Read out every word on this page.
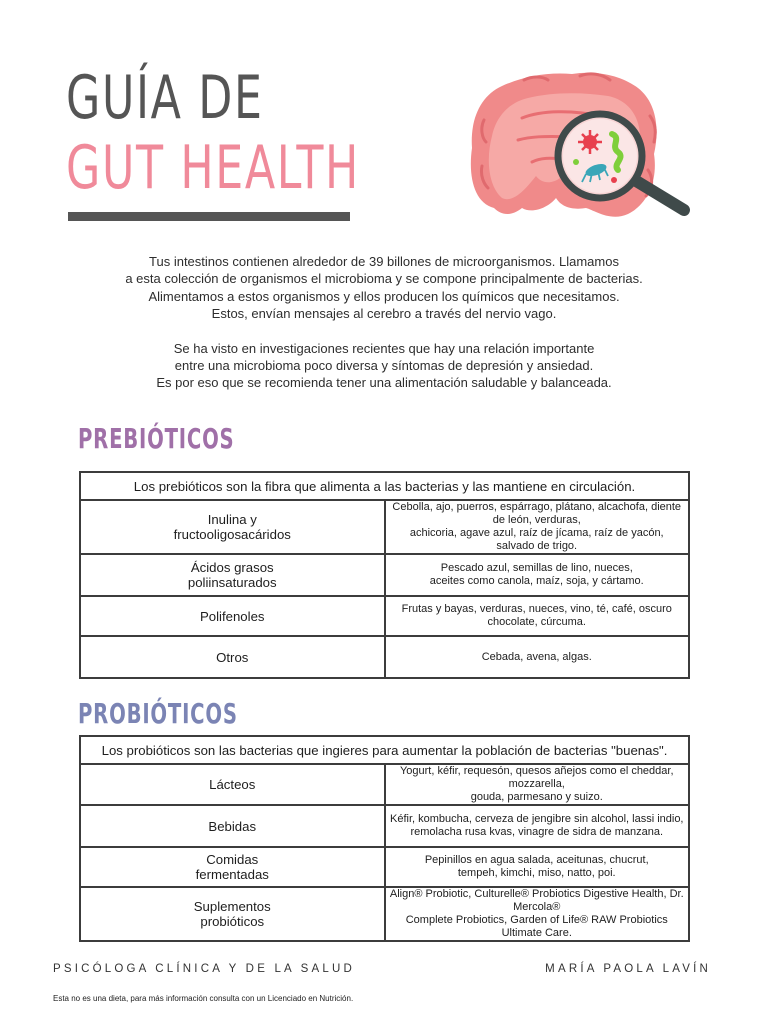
GUÍA DE
GUT HEALTH

Tus intestinos contienen alrededor de 39 billones de microorganismos. Llamamos
a esta colección de organismos el microbioma y se compone principalmente de bacterias.
Alimentamos a estos organismos y ellos producen los químicos que necesitamos.
Estos, envían mensajes al cerebro a través del nervio vago.

Se ha visto en investigaciones recientes que hay una relación importante
entre una microbioma poco diversa y síntomas de depresión y ansiedad.
Es por eso que se recomienda tener una alimentación saludable y balanceada.

PREBIÓTICOS
Los prebióticos son la fibra que alimenta a las bacterias y las mantiene en circulación.	
Inulina y
fructooligosacáridos	Cebolla, ajo, puerros, espárrago, plátano, alcachofa, diente de león, verduras,
achicoria, agave azul, raíz de jícama, raíz de yacón, salvado de trigo.
Ácidos grasos
poliinsaturados	Pescado azul, semillas de lino, nueces,
aceites como canola, maíz, soja, y cártamo.
Polifenoles	Frutas y bayas, verduras, nueces, vino, té, café, oscuro chocolate, cúrcuma.
Otros	Cebada, avena, algas.
PROBIÓTICOS
Los probióticos son las bacterias que ingieres para aumentar la población de bacterias "buenas".	
Lácteos	Yogurt, kéfir, requesón, quesos añejos como el cheddar, mozzarella,
gouda, parmesano y suizo.
Bebidas	Kéfir, kombucha, cerveza de jengibre sin alcohol, lassi indio,
remolacha rusa kvas, vinagre de sidra de manzana.
Comidas
fermentadas	Pepinillos en agua salada, aceitunas, chucrut,
tempeh, kimchi, miso, natto, poi.
Suplementos
probióticos	Align® Probiotic, Culturelle® Probiotics Digestive Health, Dr. Mercola®
Complete Probiotics, Garden of Life® RAW Probiotics Ultimate Care.
PSICÓLOGA CLÍNICA Y DE LA SALUD	MARÍA PAOLA LAVÍN
Esta no es una dieta, para más información consulta con un Licenciado en Nutrición.
